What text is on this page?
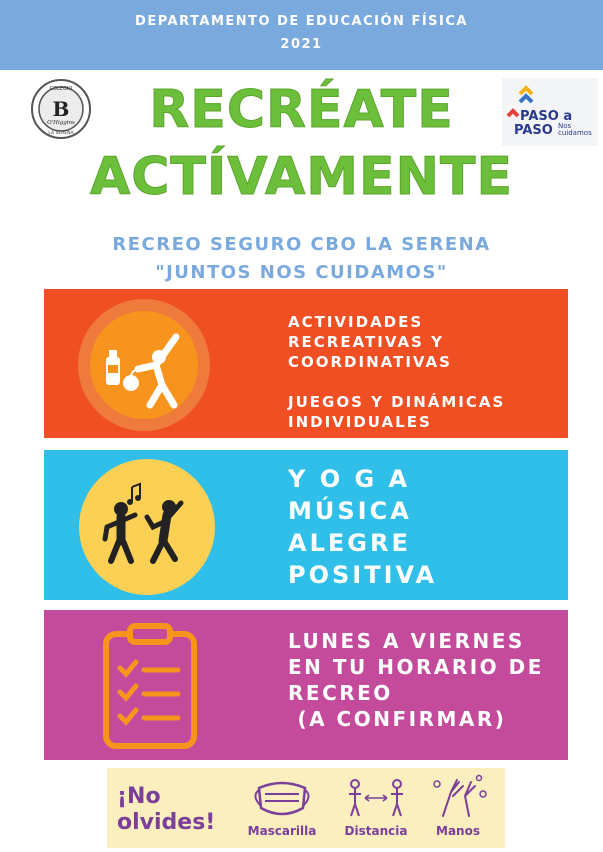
DEPARTAMENTO DE EDUCACIÓN FÍSICA
2021
COLEGIO
B
O'Higgins
LA SERENA
PASO a
PASO Nos
cuidamos
RECRÉATE
ACTÍVAMENTE
RECREO SEGURO CBO LA SERENA
"JUNTOS NOS CUIDAMOS"
ACTIVIDADES
RECREATIVAS Y
COORDINATIVAS
JUEGOS Y DINÁMICAS
INDIVIDUALES
Y O G A
MÚSICA
ALEGRE
POSITIVA
LUNES A VIERNES
EN TU HORARIO DE
RECREO
(A CONFIRMAR)
¡No
olvides!	Mascarilla	Distancia	Manos
